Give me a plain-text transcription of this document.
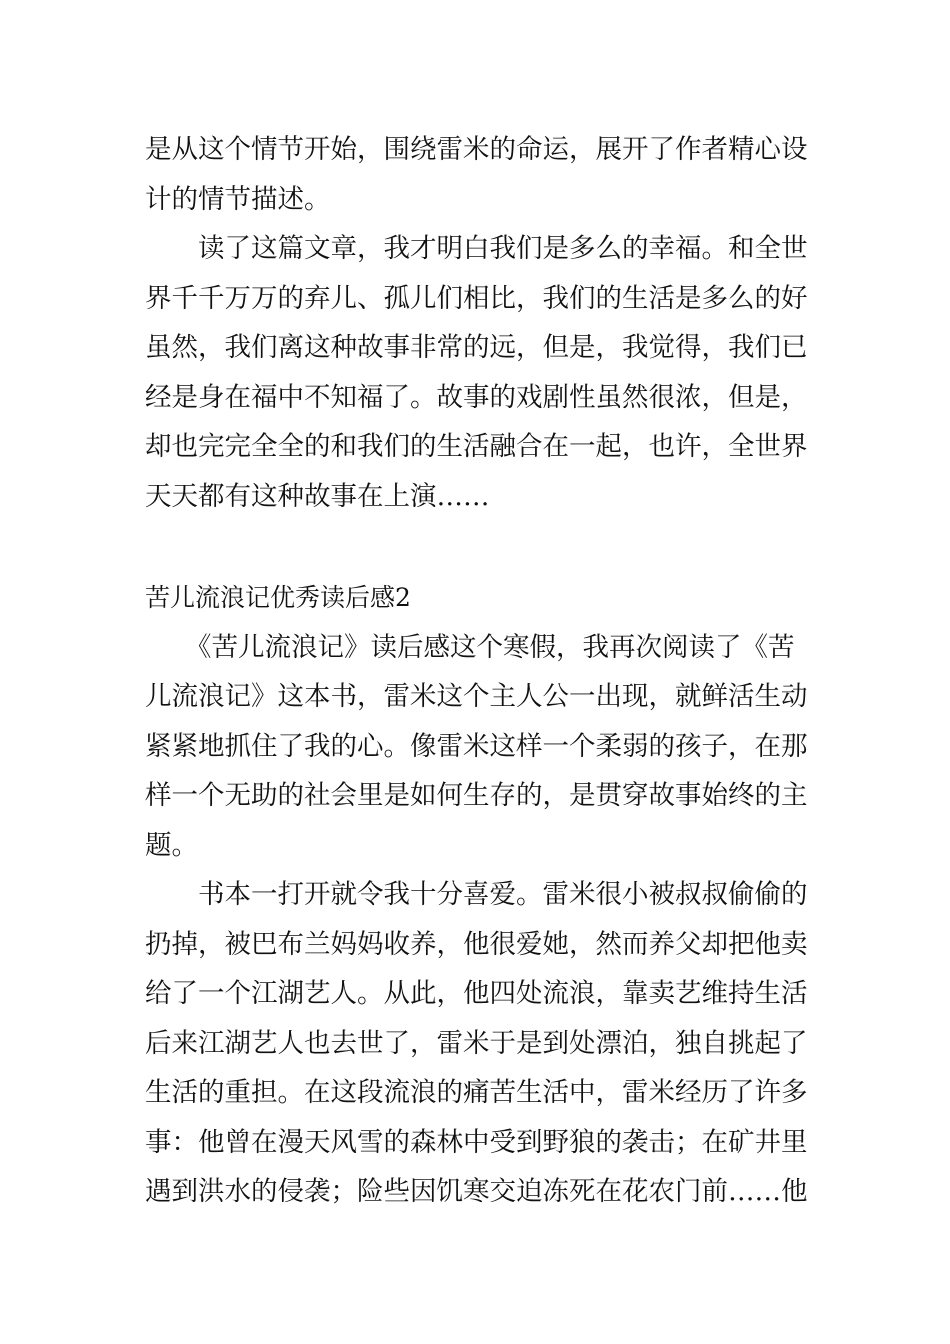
是从这个情节开始，围绕雷米的命运，展开了作者精心设
计的情节描述。
读了这篇文章，我才明白我们是多么的幸福。和全世
界千千万万的弃儿、孤儿们相比，我们的生活是多么的好
虽然，我们离这种故事非常的远，但是，我觉得，我们已
经是身在福中不知福了。故事的戏剧性虽然很浓，但是，
却也完完全全的和我们的生活融合在一起，也许，全世界
天天都有这种故事在上演……
苦儿流浪记优秀读后感2
《苦儿流浪记》读后感这个寒假，我再次阅读了《苦
儿流浪记》这本书，雷米这个主人公一出现，就鲜活生动
紧紧地抓住了我的心。像雷米这样一个柔弱的孩子，在那
样一个无助的社会里是如何生存的，是贯穿故事始终的主
题。
书本一打开就令我十分喜爱。雷米很小被叔叔偷偷的
扔掉，被巴布兰妈妈收养，他很爱她，然而养父却把他卖
给了一个江湖艺人。从此，他四处流浪，靠卖艺维持生活
后来江湖艺人也去世了，雷米于是到处漂泊，独自挑起了
生活的重担。在这段流浪的痛苦生活中，雷米经历了许多
事：他曾在漫天风雪的森林中受到野狼的袭击；在矿井里
遇到洪水的侵袭；险些因饥寒交迫冻死在花农门前……他
